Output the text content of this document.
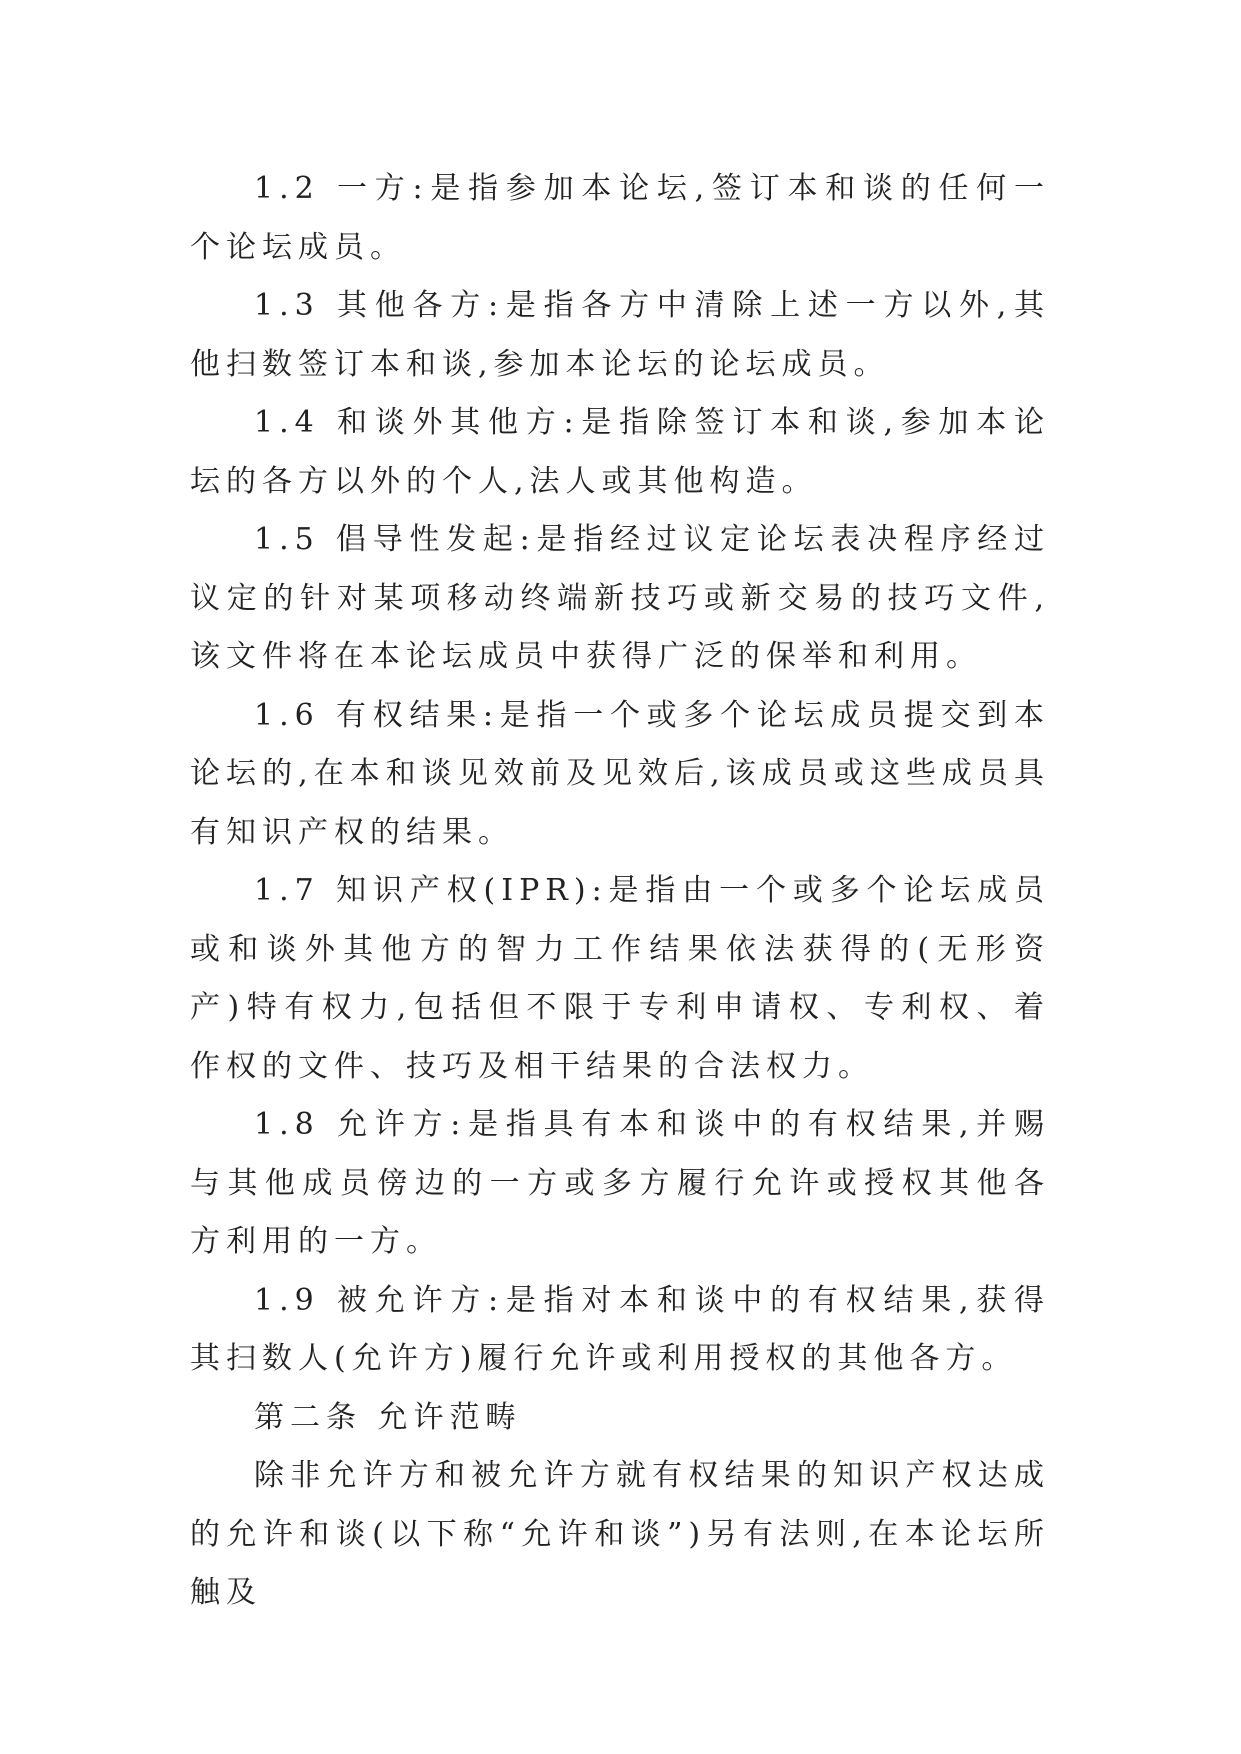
1.2 一方:是指参加本论坛,签订本和谈的任何一个论坛成员。

1.3 其他各方:是指各方中清除上述一方以外,其他扫数签订本和谈,参加本论坛的论坛成员。

1.4 和谈外其他方:是指除签订本和谈,参加本论坛的各方以外的个人,法人或其他构造。

1.5 倡导性发起:是指经过议定论坛表决程序经过议定的针对某项移动终端新技巧或新交易的技巧文件,该文件将在本论坛成员中获得广泛的保举和利用。

1.6 有权结果:是指一个或多个论坛成员提交到本论坛的,在本和谈见效前及见效后,该成员或这些成员具有知识产权的结果。

1.7 知识产权(IPR):是指由一个或多个论坛成员或和谈外其他方的智力工作结果依法获得的(无形资产)特有权力,包括但不限于专利申请权、专利权、着作权的文件、技巧及相干结果的合法权力。

1.8 允许方:是指具有本和谈中的有权结果,并赐与其他成员傍边的一方或多方履行允许或授权其他各方利用的一方。

1.9 被允许方:是指对本和谈中的有权结果,获得其扫数人(允许方)履行允许或利用授权的其他各方。

第二条 允许范畴

除非允许方和被允许方就有权结果的知识产权达成的允许和谈(以下称“允许和谈”)另有法则,在本论坛所触及
